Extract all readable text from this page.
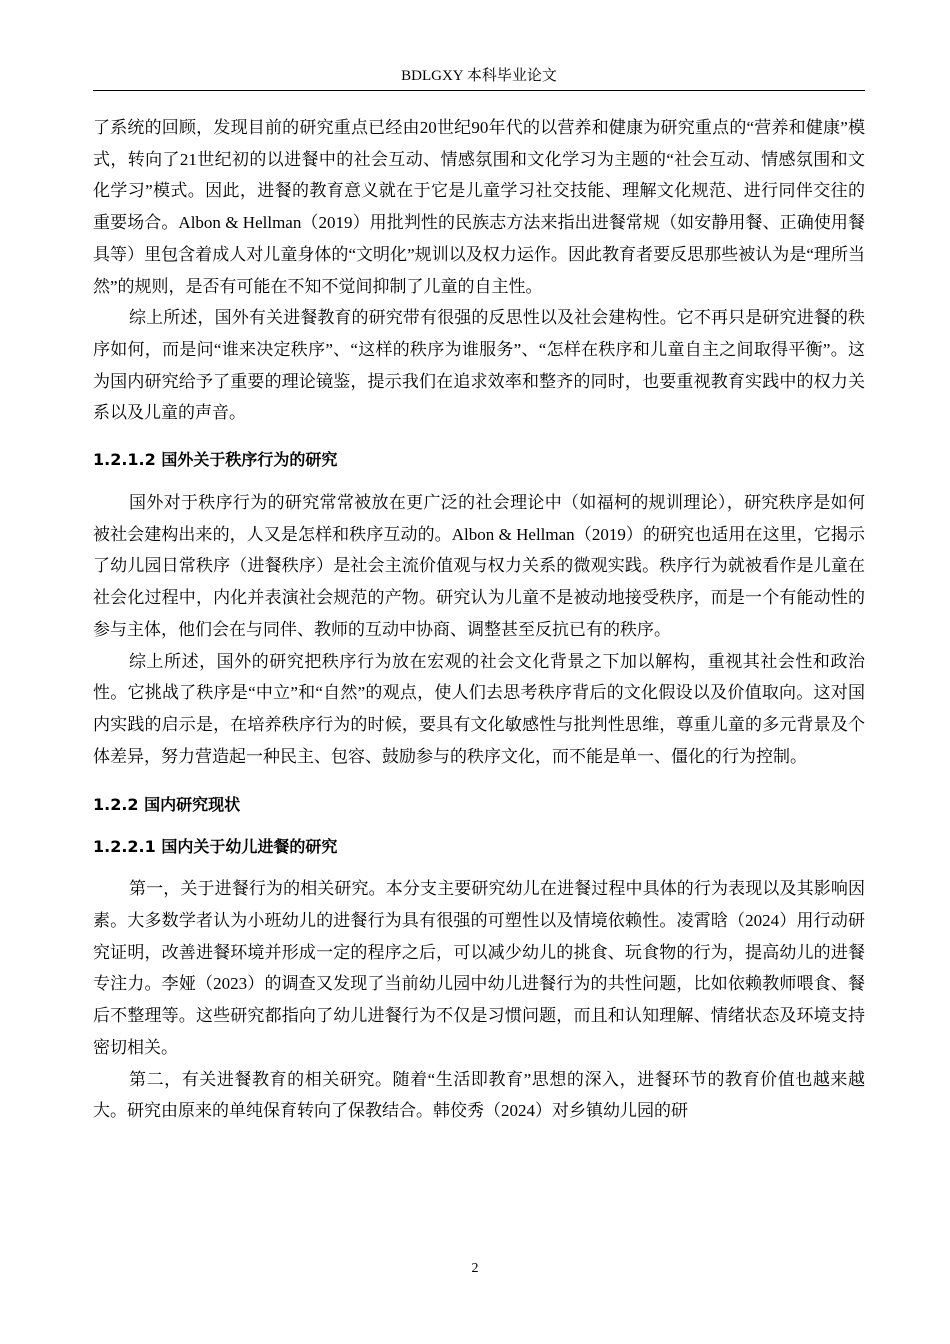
BDLGXY 本科毕业论文

了系统的回顾，发现目前的研究重点已经由20世纪90年代的以营养和健康为研究重点的“营养和健康”模式，转向了21世纪初的以进餐中的社会互动、情感氛围和文化学习为主题的“社会互动、情感氛围和文化学习”模式。因此，进餐的教育意义就在于它是儿童学习社交技能、理解文化规范、进行同伴交往的重要场合。Albon & Hellman（2019）用批判性的民族志方法来指出进餐常规（如安静用餐、正确使用餐具等）里包含着成人对儿童身体的“文明化”规训以及权力运作。因此教育者要反思那些被认为是“理所当然”的规则，是否有可能在不知不觉间抑制了儿童的自主性。

综上所述，国外有关进餐教育的研究带有很强的反思性以及社会建构性。它不再只是研究进餐的秩序如何，而是问“谁来决定秩序”、“这样的秩序为谁服务”、“怎样在秩序和儿童自主之间取得平衡”。这为国内研究给予了重要的理论镜鉴，提示我们在追求效率和整齐的同时，也要重视教育实践中的权力关系以及儿童的声音。

1.2.1.2 国外关于秩序行为的研究

国外对于秩序行为的研究常常被放在更广泛的社会理论中（如福柯的规训理论），研究秩序是如何被社会建构出来的，人又是怎样和秩序互动的。Albon & Hellman（2019）的研究也适用在这里，它揭示了幼儿园日常秩序（进餐秩序）是社会主流价值观与权力关系的微观实践。秩序行为就被看作是儿童在社会化过程中，内化并表演社会规范的产物。研究认为儿童不是被动地接受秩序，而是一个有能动性的参与主体，他们会在与同伴、教师的互动中协商、调整甚至反抗已有的秩序。

综上所述，国外的研究把秩序行为放在宏观的社会文化背景之下加以解构，重视其社会性和政治性。它挑战了秩序是“中立”和“自然”的观点，使人们去思考秩序背后的文化假设以及价值取向。这对国内实践的启示是，在培养秩序行为的时候，要具有文化敏感性与批判性思维，尊重儿童的多元背景及个体差异，努力营造起一种民主、包容、鼓励参与的秩序文化，而不能是单一、僵化的行为控制。

1.2.2 国内研究现状
1.2.2.1 国内关于幼儿进餐的研究

第一，关于进餐行为的相关研究。本分支主要研究幼儿在进餐过程中具体的行为表现以及其影响因素。大多数学者认为小班幼儿的进餐行为具有很强的可塑性以及情境依赖性。凌霄晗（2024）用行动研究证明，改善进餐环境并形成一定的程序之后，可以减少幼儿的挑食、玩食物的行为，提高幼儿的进餐专注力。李娅（2023）的调查又发现了当前幼儿园中幼儿进餐行为的共性问题，比如依赖教师喂食、餐后不整理等。这些研究都指向了幼儿进餐行为不仅是习惯问题，而且和认知理解、情绪状态及环境支持密切相关。

第二，有关进餐教育的相关研究。随着“生活即教育”思想的深入，进餐环节的教育价值也越来越大。研究由原来的单纯保育转向了保教结合。韩佼秀（2024）对乡镇幼儿园的研

2
